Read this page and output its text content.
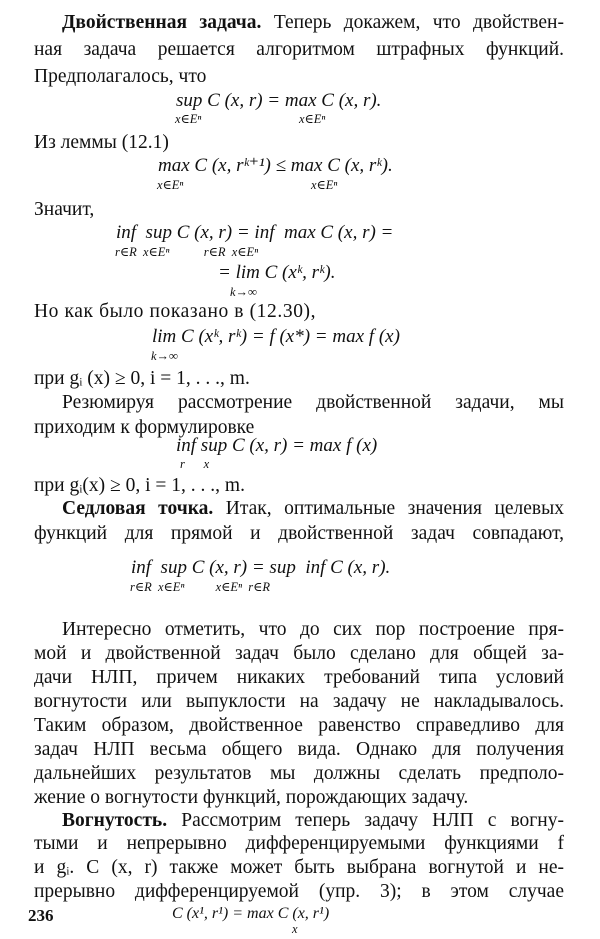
Двойственная задача. Теперь докажем, что двойствен-
ная задача решается алгоритмом штрафных функций.
Предполагалось, что
sup C (x, r) = max C (x, r).
x∈Eⁿ	x∈Eⁿ
Из леммы (12.1)
max C (x, rᵏ⁺¹) ≤ max C (x, rᵏ).
x∈Eⁿ	x∈Eⁿ
Значит,
inf  sup C (x, r) = inf  max C (x, r) =
r∈R  x∈Eⁿ           r∈R  x∈Eⁿ
= lim C (xᵏ, rᵏ).
k→∞
Но как было показано в (12.30),
lim C (xᵏ, rᵏ) = f (x*) = max f (x)
k→∞
при gᵢ (x) ≥ 0, i = 1, . . ., m.
Резюмируя рассмотрение двойственной задачи, мы
приходим к формулировке
inf sup C (x, r) = max f (x)
r      x
при gᵢ(x) ≥ 0, i = 1, . . ., m.
Седловая точка. Итак, оптимальные значения целевых
функций для прямой и двойственной задач совпадают,
inf  sup C (x, r) = sup  inf C (x, r).
r∈R  x∈Eⁿ          x∈Eⁿ  r∈R
Интересно отметить, что до сих пор построение пря-
мой и двойственной задач было сделано для общей за-
дачи НЛП, причем никаких требований типа условий
вогнутости или выпуклости на задачу не накладывалось.
Таким образом, двойственное равенство справедливо для
задач НЛП весьма общего вида. Однако для получения
дальнейших результатов мы должны сделать предполо-
жение о вогнутости функций, порождающих задачу.
Вогнутость. Рассмотрим теперь задачу НЛП с вогну-
тыми и непрерывно дифференцируемыми функциями f
и gᵢ. C (x, r) также может быть выбрана вогнутой и не-
прерывно дифференцируемой (упр. 3); в этом случае
C (x¹, r¹) = max C (x, r¹)
x
236
